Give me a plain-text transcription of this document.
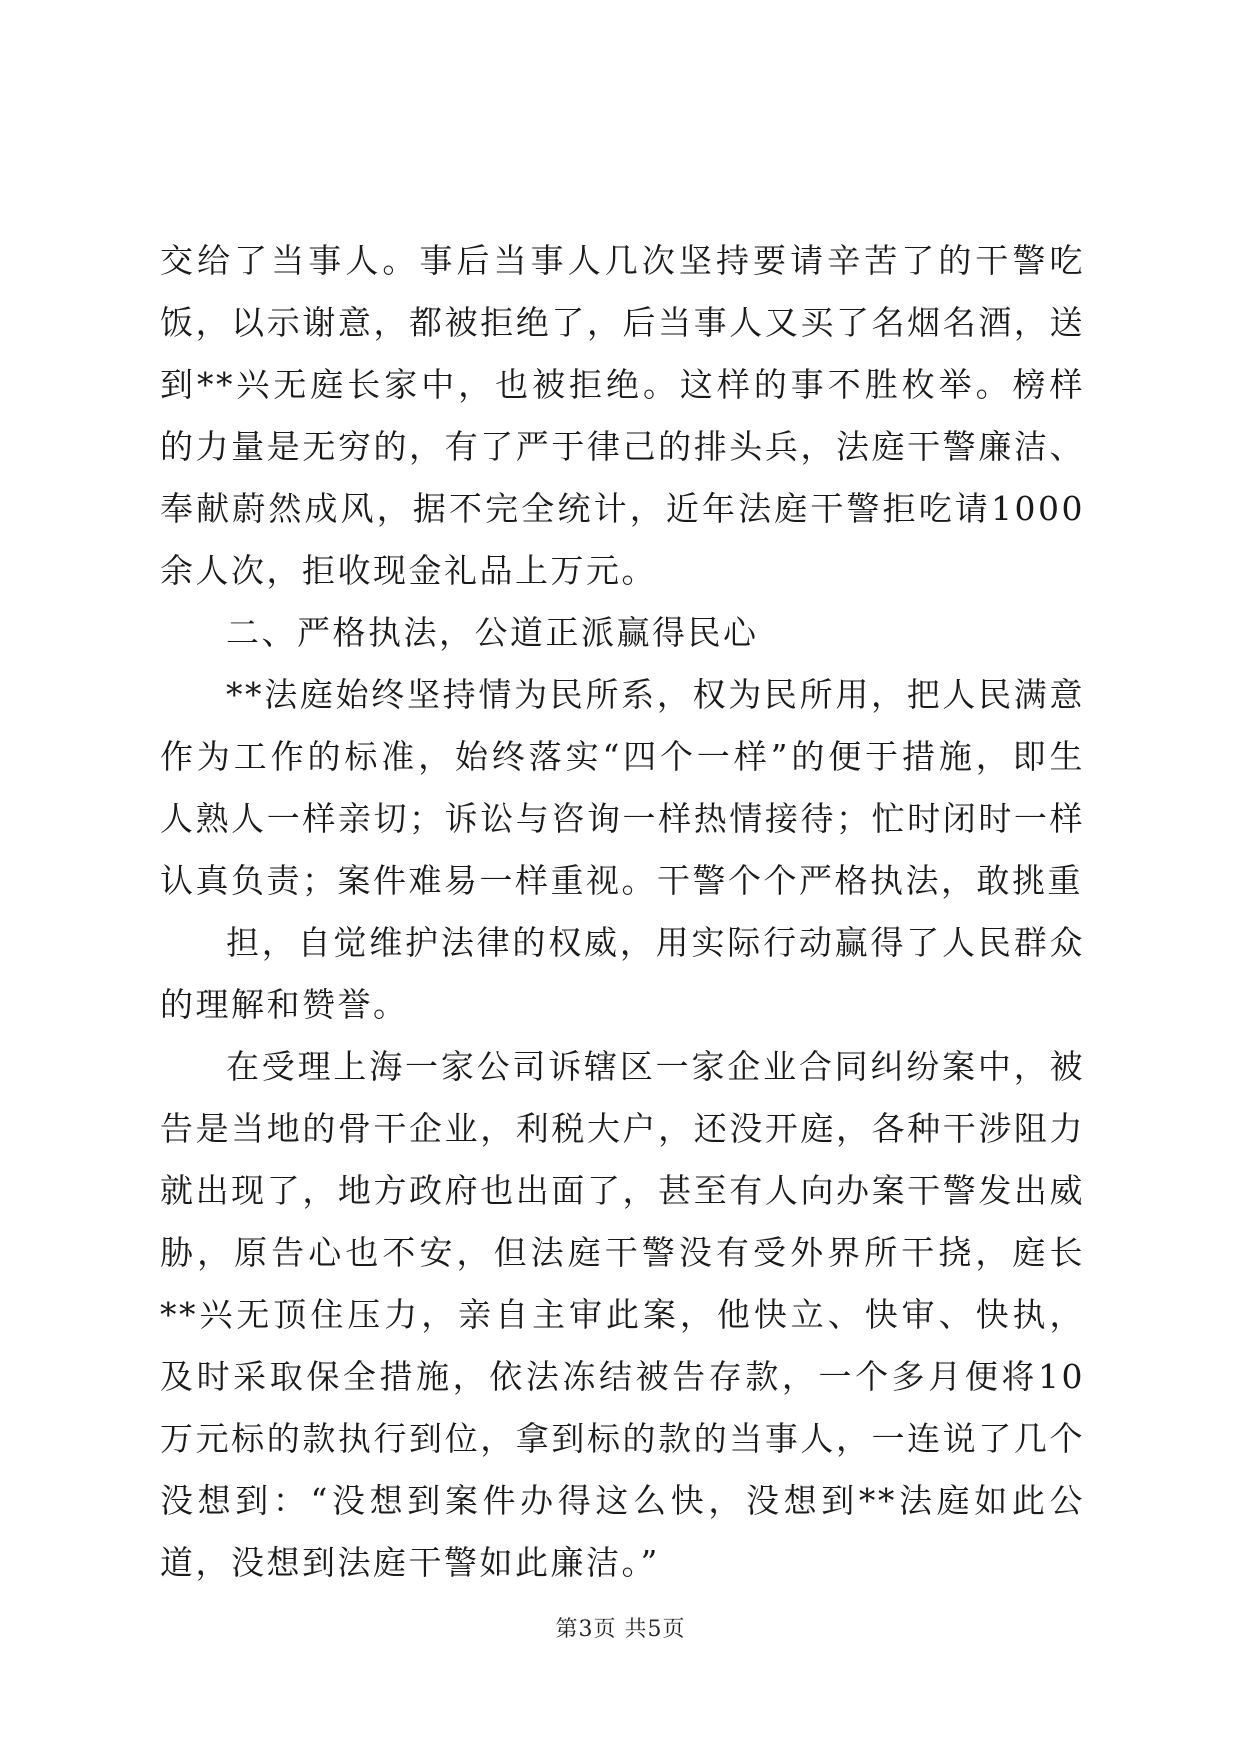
交给了当事人。事后当事人几次坚持要请辛苦了的干警吃饭，以示谢意，都被拒绝了，后当事人又买了名烟名酒，送到**兴无庭长家中，也被拒绝。这样的事不胜枚举。榜样的力量是无穷的，有了严于律己的排头兵，法庭干警廉洁、奉献蔚然成风，据不完全统计，近年法庭干警拒吃请1000余人次，拒收现金礼品上万元。

二、严格执法，公道正派赢得民心

**法庭始终坚持情为民所系，权为民所用，把人民满意作为工作的标准，始终落实“四个一样”的便于措施，即生人熟人一样亲切；诉讼与咨询一样热情接待；忙时闭时一样认真负责；案件难易一样重视。干警个个严格执法，敢挑重

担，自觉维护法律的权威，用实际行动赢得了人民群众的理解和赞誉。

在受理上海一家公司诉辖区一家企业合同纠纷案中，被告是当地的骨干企业，利税大户，还没开庭，各种干涉阻力就出现了，地方政府也出面了，甚至有人向办案干警发出威胁，原告心也不安，但法庭干警没有受外界所干挠，庭长**兴无顶住压力，亲自主审此案，他快立、快审、快执，及时采取保全措施，依法冻结被告存款，一个多月便将10万元标的款执行到位，拿到标的款的当事人，一连说了几个没想到：“没想到案件办得这么快，没想到**法庭如此公道，没想到法庭干警如此廉洁。”

第3页 共5页
